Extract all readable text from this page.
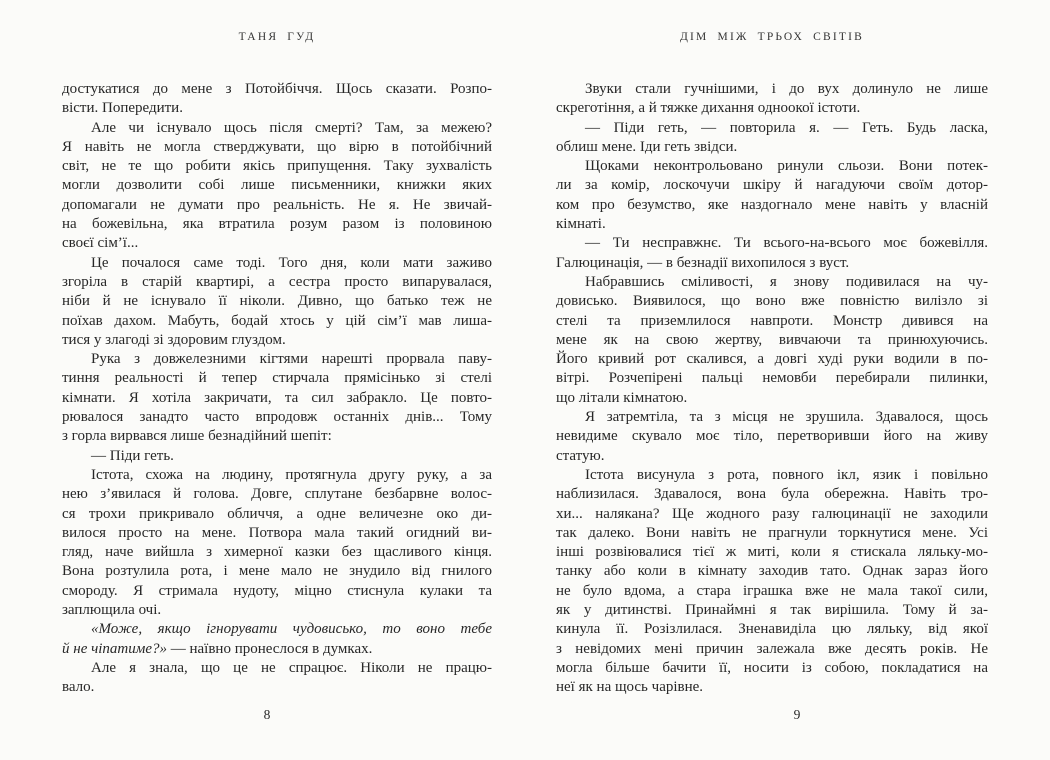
ТАНЯ ГУД

достукатися до мене з Потойбіччя. Щось сказати. Розпо-
вісти. Попередити.

Але чи існувало щось після смерті? Там, за межею?
Я навіть не могла стверджувати, що вірю в потойбічний
світ, не те що робити якісь припущення. Таку зухвалість
могли дозволити собі лише письменники, книжки яких
допомагали не думати про реальність. Не я. Не звичай-
на божевільна, яка втратила розум разом із половиною
своєї сім’ї...

Це почалося саме тоді. Того дня, коли мати заживо
згоріла в старій квартирі, а сестра просто випарувалася,
ніби й не існувало її ніколи. Дивно, що батько теж не
поїхав дахом. Мабуть, бодай хтось у цій сім’ї мав лиша-
тися у злагоді зі здоровим глуздом.

Рука з довжелезними кігтями нарешті прорвала паву-
тиння реальності й тепер стирчала прямісінько зі стелі
кімнати. Я хотіла закричати, та сил забракло. Це повто-
рювалося занадто часто впродовж останніх днів... Тому
з горла вирвався лише безнадійний шепіт:

— Піди геть.

Істота, схожа на людину, протягнула другу руку, а за
нею з’явилася й голова. Довге, сплутане безбарвне волос-
ся трохи прикривало обличчя, а одне величезне око ди-
вилося просто на мене. Потвора мала такий огидний ви-
гляд, наче вийшла з химерної казки без щасливого кінця.
Вона розтулила рота, і мене мало не знудило від гнилого
смороду. Я стримала нудоту, міцно стиснула кулаки та
заплющила очі.

«Може, якщо ігнорувати чудовисько, то воно тебе
й не чіпатиме?» — наївно пронеслося в думках.

Але я знала, що це не спрацює. Ніколи не працю-
вало.

8
ДІМ МІЖ ТРЬОХ СВІТІВ

Звуки стали гучнішими, і до вух долинуло не лише
скреготіння, а й тяжке дихання одноокої істоти.

— Піди геть, — повторила я. — Геть. Будь ласка,
облиш мене. Іди геть звідси.

Щоками неконтрольовано ринули сльози. Вони потек-
ли за комір, лоскочучи шкіру й нагадуючи своїм дотор-
ком про безумство, яке наздогнало мене навіть у власній
кімнаті.

— Ти несправжнє. Ти всього-на-всього моє божевілля.
Галюцинація, — в безнадії вихопилося з вуст.

Набравшись сміливості, я знову подивилася на чу-
довисько. Виявилося, що воно вже повністю вилізло зі
стелі та приземлилося навпроти. Монстр дивився на
мене як на свою жертву, вивчаючи та принюхуючись.
Його кривий рот скалився, а довгі худі руки водили в по-
вітрі. Розчепірені пальці немовби перебирали пилинки,
що літали кімнатою.

Я затремтіла, та з місця не зрушила. Здавалося, щось
невидиме скувало моє тіло, перетворивши його на живу
статую.

Істота висунула з рота, повного ікл, язик і повільно
наблизилася. Здавалося, вона була обережна. Навіть тро-
хи... налякана? Ще жодного разу галюцинації не заходили
так далеко. Вони навіть не прагнули торкнутися мене. Усі
інші розвіювалися тієї ж миті, коли я стискала ляльку-мо-
танку або коли в кімнату заходив тато. Однак зараз його
не було вдома, а стара іграшка вже не мала такої сили,
як у дитинстві. Принаймні я так вирішила. Тому й за-
кинула її. Розізлилася. Зненавиділа цю ляльку, від якої
з невідомих мені причин залежала вже десять років. Не
могла більше бачити її, носити із собою, покладатися на
неї як на щось чарівне.

9
